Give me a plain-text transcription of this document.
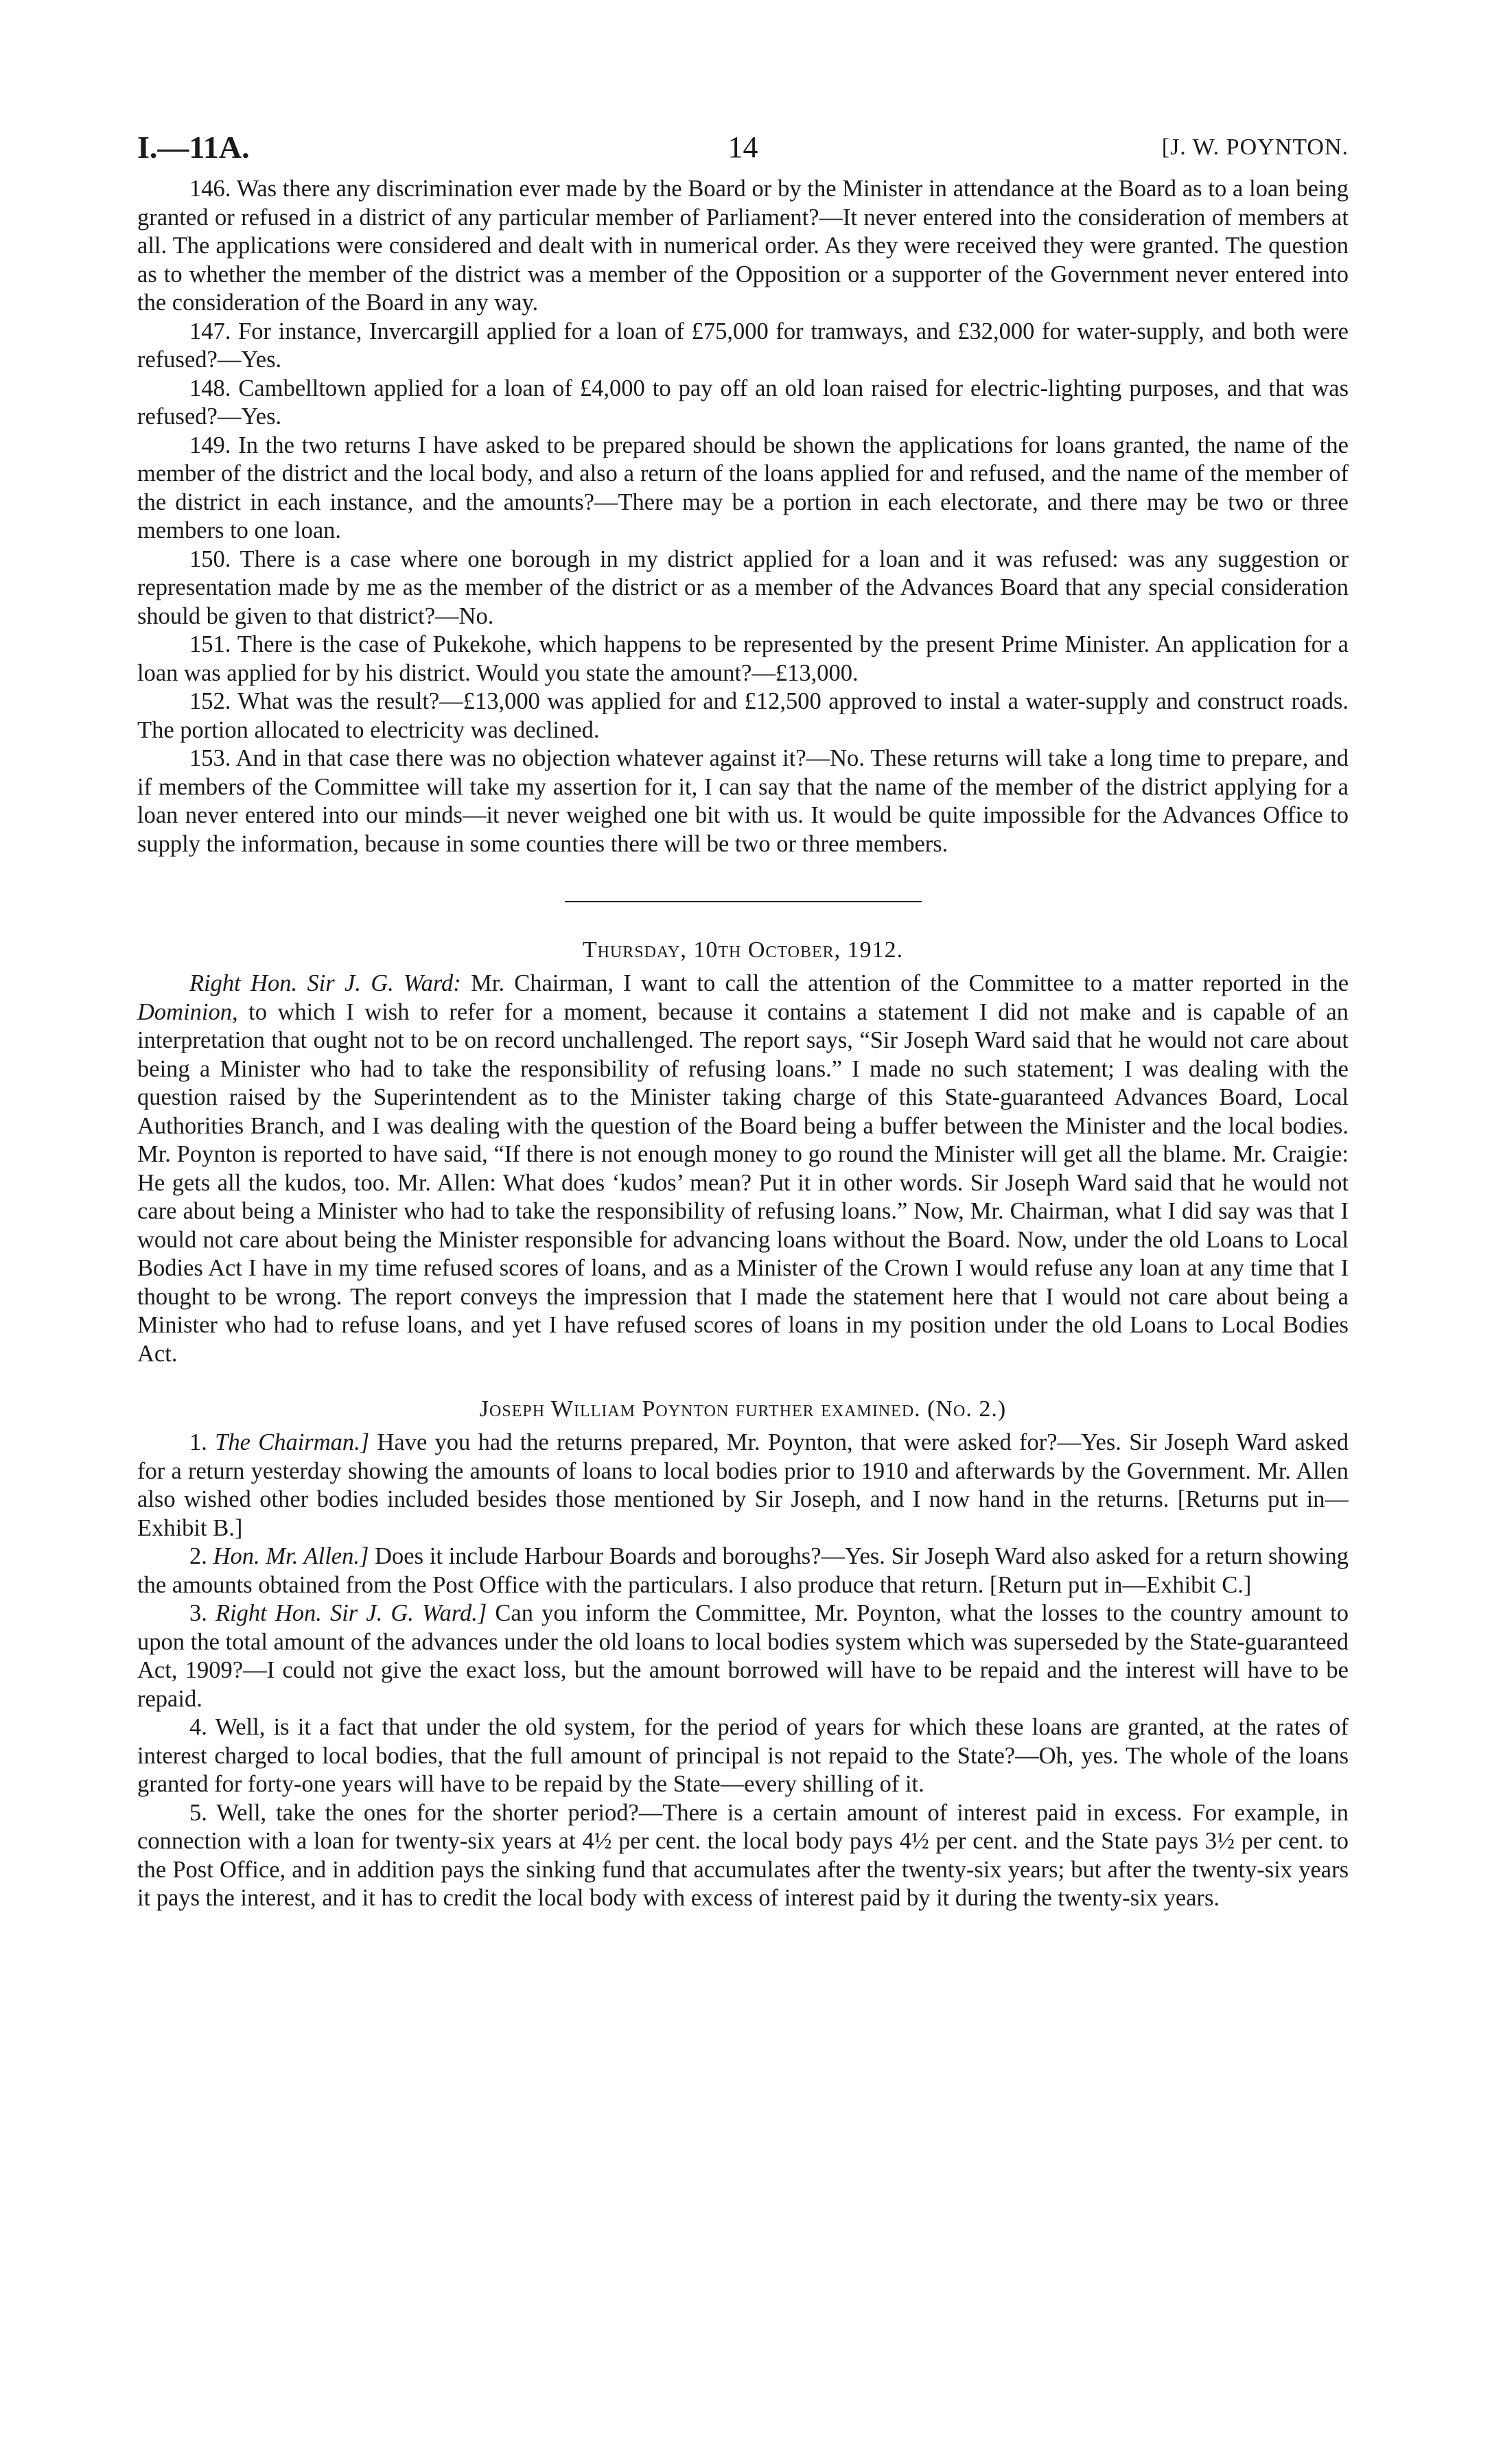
I.—11A.	14	[J. W. POYNTON.

146. Was there any discrimination ever made by the Board or by the Minister in attendance at the Board as to a loan being granted or refused in a district of any particular member of Parliament?—It never entered into the consideration of members at all. The applications were considered and dealt with in numerical order. As they were received they were granted. The question as to whether the member of the district was a member of the Opposition or a supporter of the Government never entered into the consideration of the Board in any way.

147. For instance, Invercargill applied for a loan of £75,000 for tramways, and £32,000 for water-supply, and both were refused?—Yes.

148. Cambelltown applied for a loan of £4,000 to pay off an old loan raised for electric-lighting purposes, and that was refused?—Yes.

149. In the two returns I have asked to be prepared should be shown the applications for loans granted, the name of the member of the district and the local body, and also a return of the loans applied for and refused, and the name of the member of the district in each instance, and the amounts?—There may be a portion in each electorate, and there may be two or three members to one loan.

150. There is a case where one borough in my district applied for a loan and it was refused: was any suggestion or representation made by me as the member of the district or as a member of the Advances Board that any special consideration should be given to that district?—No.

151. There is the case of Pukekohe, which happens to be represented by the present Prime Minister. An application for a loan was applied for by his district. Would you state the amount?—£13,000.

152. What was the result?—£13,000 was applied for and £12,500 approved to instal a water-supply and construct roads. The portion allocated to electricity was declined.

153. And in that case there was no objection whatever against it?—No. These returns will take a long time to prepare, and if members of the Committee will take my assertion for it, I can say that the name of the member of the district applying for a loan never entered into our minds—it never weighed one bit with us. It would be quite impossible for the Advances Office to supply the information, because in some counties there will be two or three members.

Thursday, 10th October, 1912.

Right Hon. Sir J. G. Ward: Mr. Chairman, I want to call the attention of the Committee to a matter reported in the Dominion, to which I wish to refer for a moment, because it contains a statement I did not make and is capable of an interpretation that ought not to be on record unchallenged. The report says, “Sir Joseph Ward said that he would not care about being a Minister who had to take the responsibility of refusing loans.” I made no such statement; I was dealing with the question raised by the Superintendent as to the Minister taking charge of this State-guaranteed Advances Board, Local Authorities Branch, and I was dealing with the question of the Board being a buffer between the Minister and the local bodies. Mr. Poynton is reported to have said, “If there is not enough money to go round the Minister will get all the blame. Mr. Craigie: He gets all the kudos, too. Mr. Allen: What does ‘kudos’ mean? Put it in other words. Sir Joseph Ward said that he would not care about being a Minister who had to take the responsibility of refusing loans.” Now, Mr. Chairman, what I did say was that I would not care about being the Minister responsible for advancing loans without the Board. Now, under the old Loans to Local Bodies Act I have in my time refused scores of loans, and as a Minister of the Crown I would refuse any loan at any time that I thought to be wrong. The report conveys the impression that I made the statement here that I would not care about being a Minister who had to refuse loans, and yet I have refused scores of loans in my position under the old Loans to Local Bodies Act.

Joseph William Poynton further examined. (No. 2.)

1. The Chairman.] Have you had the returns prepared, Mr. Poynton, that were asked for?—Yes. Sir Joseph Ward asked for a return yesterday showing the amounts of loans to local bodies prior to 1910 and afterwards by the Government. Mr. Allen also wished other bodies included besides those mentioned by Sir Joseph, and I now hand in the returns. [Returns put in—Exhibit B.]

2. Hon. Mr. Allen.] Does it include Harbour Boards and boroughs?—Yes. Sir Joseph Ward also asked for a return showing the amounts obtained from the Post Office with the particulars. I also produce that return. [Return put in—Exhibit C.]

3. Right Hon. Sir J. G. Ward.] Can you inform the Committee, Mr. Poynton, what the losses to the country amount to upon the total amount of the advances under the old loans to local bodies system which was superseded by the State-guaranteed Act, 1909?—I could not give the exact loss, but the amount borrowed will have to be repaid and the interest will have to be repaid.

4. Well, is it a fact that under the old system, for the period of years for which these loans are granted, at the rates of interest charged to local bodies, that the full amount of principal is not repaid to the State?—Oh, yes. The whole of the loans granted for forty-one years will have to be repaid by the State—every shilling of it.

5. Well, take the ones for the shorter period?—There is a certain amount of interest paid in excess. For example, in connection with a loan for twenty-six years at 4½ per cent. the local body pays 4½ per cent. and the State pays 3½ per cent. to the Post Office, and in addition pays the sinking fund that accumulates after the twenty-six years; but after the twenty-six years it pays the interest, and it has to credit the local body with excess of interest paid by it during the twenty-six years.
